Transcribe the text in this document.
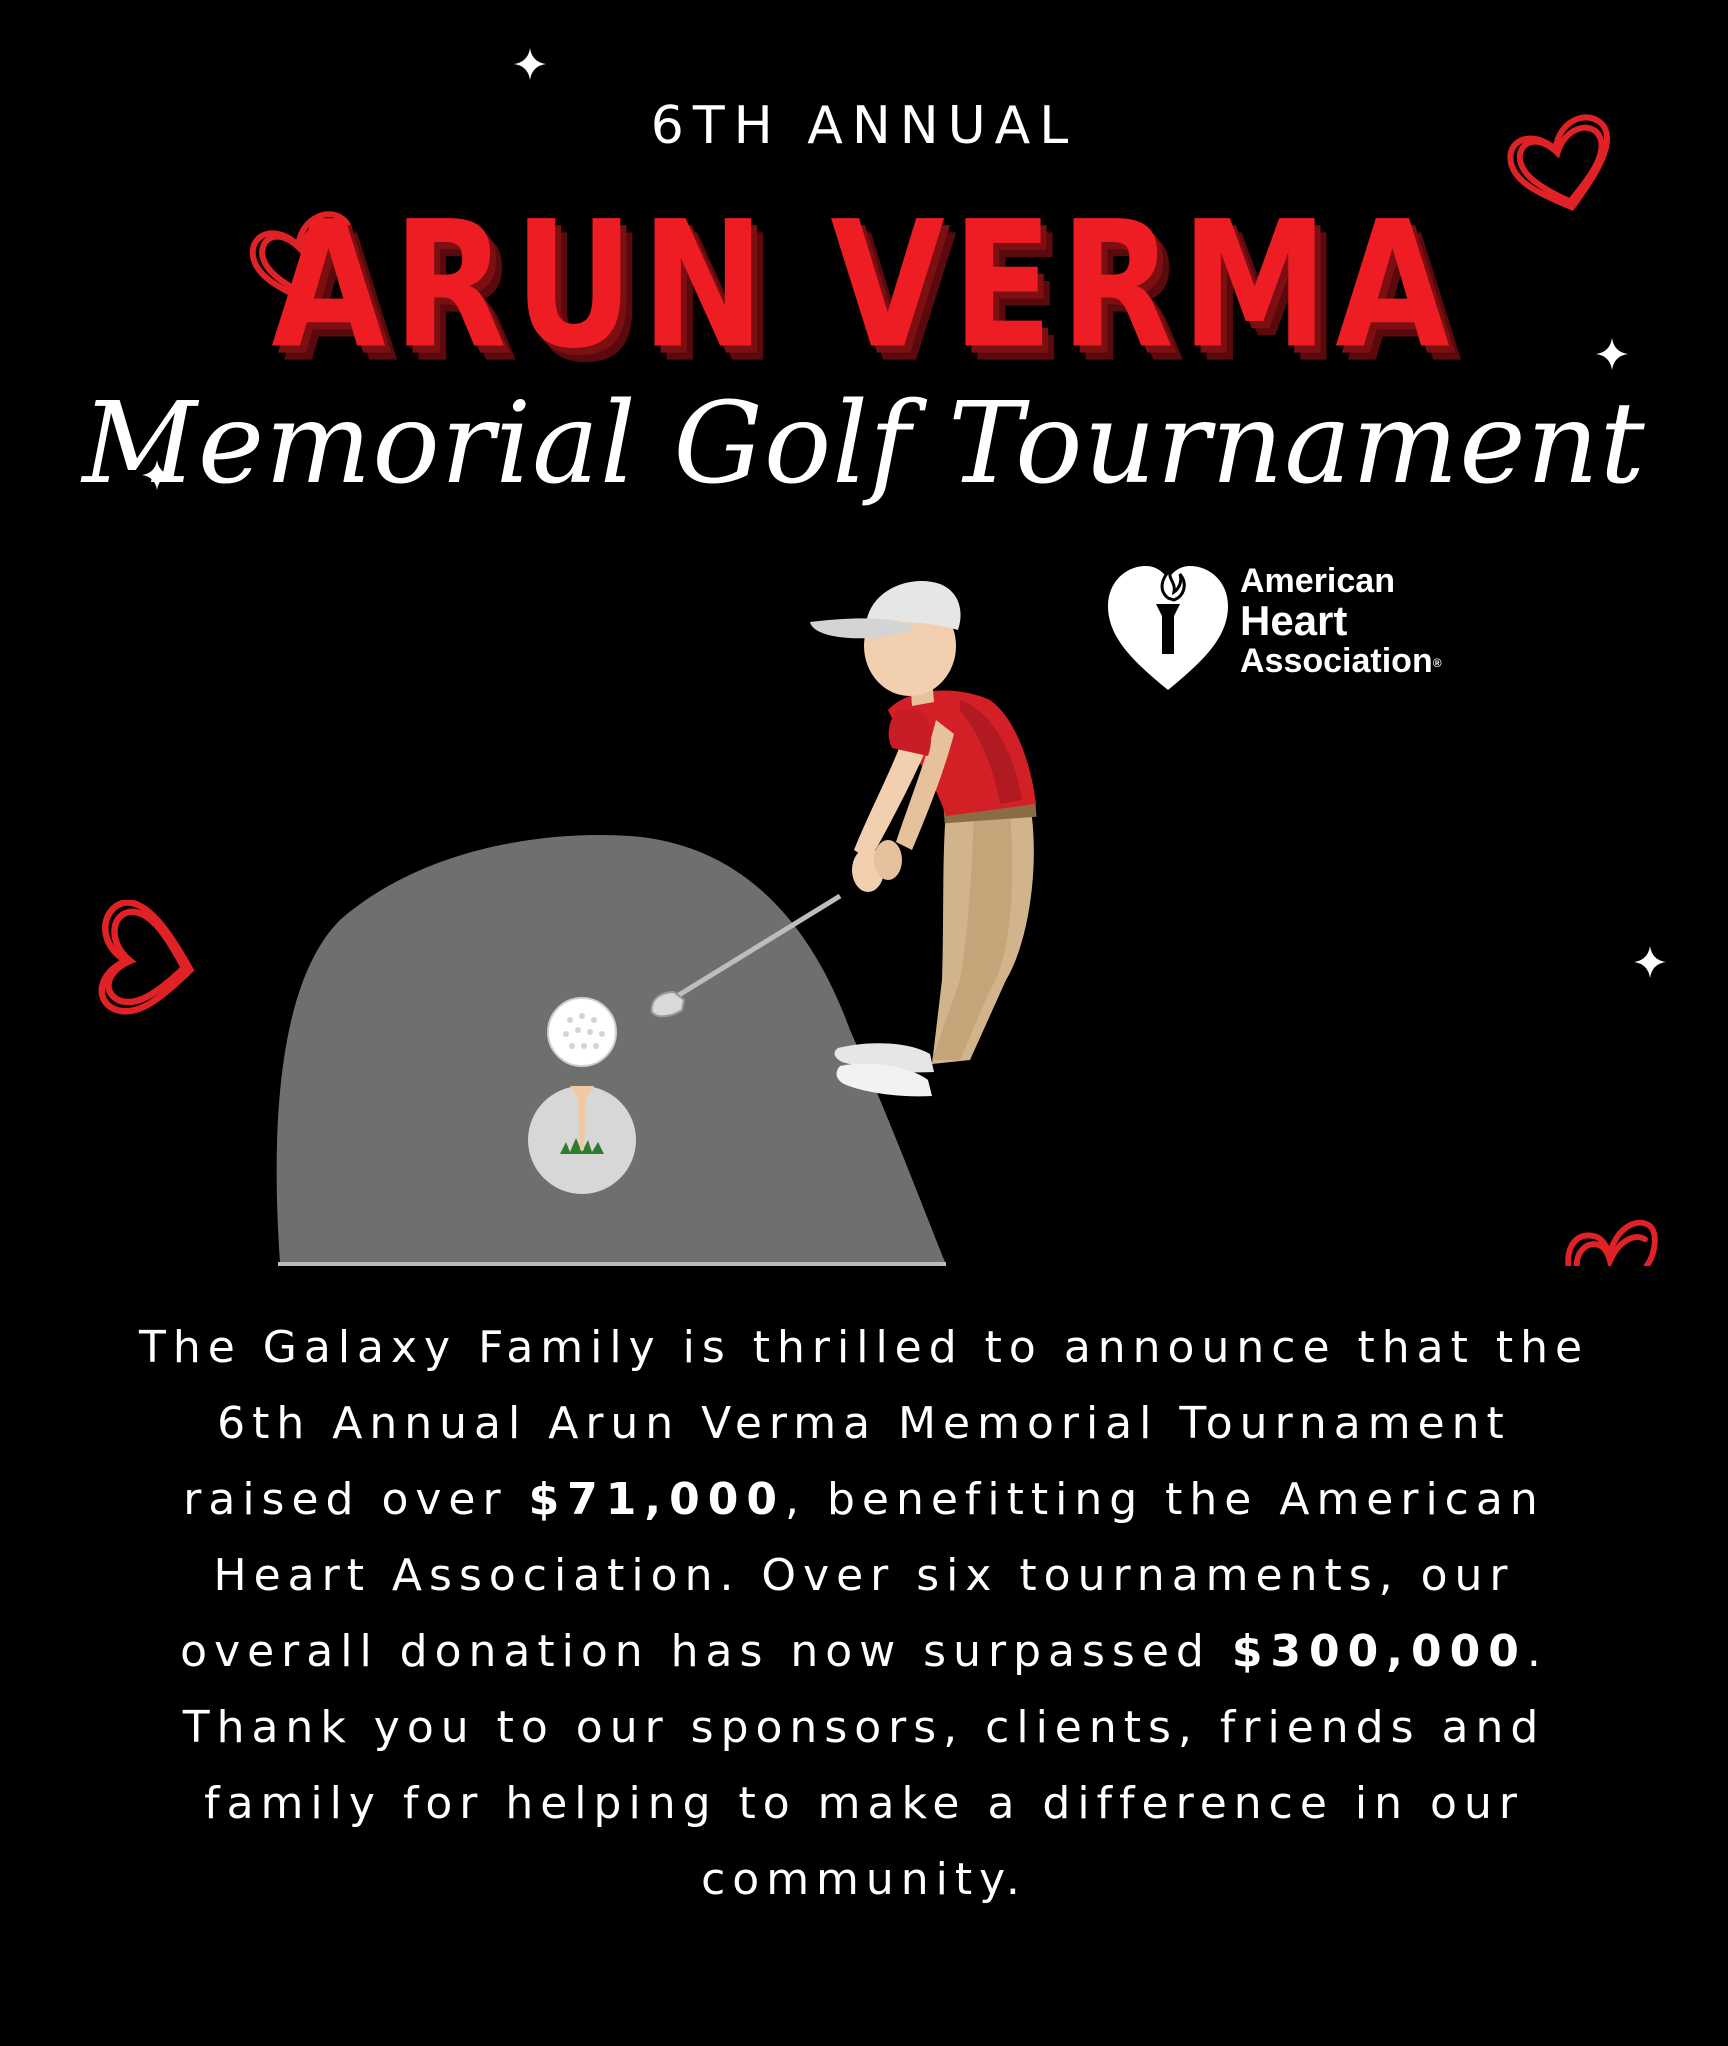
6TH ANNUAL
ARUN VERMA
Memorial Golf Tournament
American
Heart
Association®
The Galaxy Family is thrilled to announce that the 6th Annual Arun Verma Memorial Tournament raised over $71,000, benefitting the American Heart Association. Over six tournaments, our overall donation has now surpassed $300,000. Thank you to our sponsors, clients, friends and family for helping to make a difference in our community.
